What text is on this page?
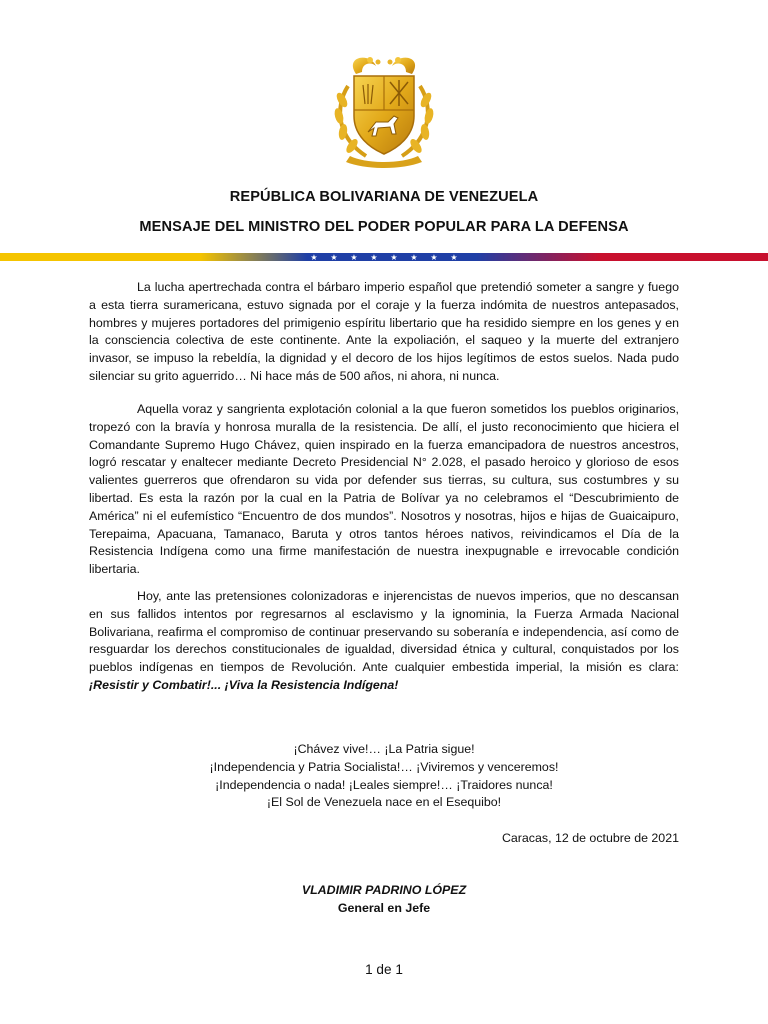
REPÚBLICA BOLIVARIANA DE VENEZUELA
MENSAJE DEL MINISTRO DEL PODER POPULAR PARA LA DEFENSA
★ ★ ★ ★ ★ ★ ★ ★

La lucha apertrechada contra el bárbaro imperio español que pretendió someter a sangre y fuego a esta tierra suramericana, estuvo signada por el coraje y la fuerza indómita de nuestros antepasados, hombres y mujeres portadores del primigenio espíritu libertario que ha residido siempre en los genes y en la consciencia colectiva de este continente. Ante la expoliación, el saqueo y la muerte del extranjero invasor, se impuso la rebeldía, la dignidad y el decoro de los hijos legítimos de estos suelos. Nada pudo silenciar su grito aguerrido… Ni hace más de 500 años, ni ahora, ni nunca.

Aquella voraz y sangrienta explotación colonial a la que fueron sometidos los pueblos originarios, tropezó con la bravía y honrosa muralla de la resistencia. De allí, el justo reconocimiento que hiciera el Comandante Supremo Hugo Chávez, quien inspirado en la fuerza emancipadora de nuestros ancestros, logró rescatar y enaltecer mediante Decreto Presidencial N° 2.028, el pasado heroico y glorioso de esos valientes guerreros que ofrendaron su vida por defender sus tierras, su cultura, sus costumbres y su libertad. Es esta la razón por la cual en la Patria de Bolívar ya no celebramos el “Descubrimiento de América” ni el eufemístico “Encuentro de dos mundos”. Nosotros y nosotras, hijos e hijas de Guaicaipuro, Terepaima, Apacuana, Tamanaco, Baruta y otros tantos héroes nativos, reivindicamos el Día de la Resistencia Indígena como una firme manifestación de nuestra inexpugnable e irrevocable condición libertaria.

Hoy, ante las pretensiones colonizadoras e injerencistas de nuevos imperios, que no descansan en sus fallidos intentos por regresarnos al esclavismo y la ignominia, la Fuerza Armada Nacional Bolivariana, reafirma el compromiso de continuar preservando su soberanía e independencia, así como de resguardar los derechos constitucionales de igualdad, diversidad étnica y cultural, conquistados por los pueblos indígenas en tiempos de Revolución. Ante cualquier embestida imperial, la misión es clara: ¡Resistir y Combatir!... ¡Viva la Resistencia Indígena!

¡Chávez vive!… ¡La Patria sigue!
¡Independencia y Patria Socialista!… ¡Viviremos y venceremos!
¡Independencia o nada! ¡Leales siempre!… ¡Traidores nunca!
¡El Sol de Venezuela nace en el Esequibo!
Caracas, 12 de octubre de 2021
VLADIMIR PADRINO LÓPEZ
General en Jefe
1 de 1
